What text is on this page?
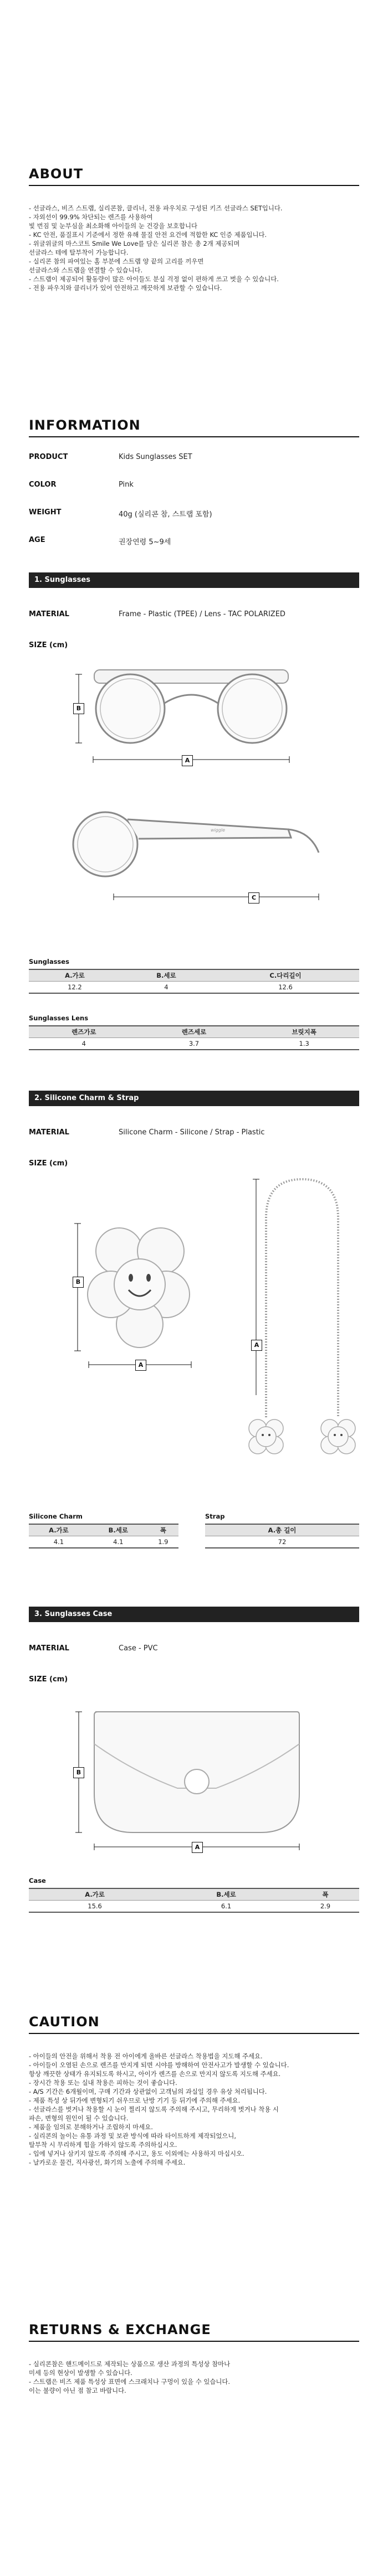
ABOUT
- 선글라스, 비즈 스트랩, 실리콘참, 클리너, 전용 파우치로 구성된 키즈 선글라스 SET입니다.
- 자외선이 99.9% 차단되는 렌즈를 사용하여
빛 번짐 및 눈부심을 최소화해 아이들의 눈 건강을 보호합니다
- KC 안전, 품질표시 기준에서 정한 유해 물질 안전 요건에 적합한 KC 인증 제품입니다.
- 위글위글의 마스코트 Smile We Love를 담은 실리콘 참은 총 2개 제공되며
선글라스 테에 탈부착이 가능합니다.
- 실리콘 참의 파여있는 홈 부분에 스트랩 양 끝의 고리를 끼우면
선글라스와 스트랩을 연결할 수 있습니다.
- 스트랩이 제공되어 활동량이 많은 아이들도 분실 걱정 없이 편하게 쓰고 벗을 수 있습니다.
- 전용 파우치와 클리너가 있어 안전하고 깨끗하게 보관할 수 있습니다.
INFORMATION
PRODUCT	Kids Sunglasses SET
COLOR	Pink
WEIGHT	40g (실리콘 참, 스트랩 포함)
AGE	권장연령 5~9세
1. Sunglasses
MATERIAL	Frame - Plastic (TPEE) / Lens - TAC POLARIZED
SIZE (cm)
wiggle
A
B
C
Sunglasses
A.가로	B.세로	C.다리길이
12.2	4	12.6
Sunglasses Lens
렌즈가로	렌즈세로	브릿지폭
4	3.7	1.3
2. Silicone Charm & Strap
MATERIAL	Silicone Charm - Silicone / Strap - Plastic
SIZE (cm)
B
A
A
Silicone Charm
A.가로	B.세로	폭
4.1	4.1	1.9
Strap
A.총 길이
72
3. Sunglasses Case
MATERIAL	Case - PVC
SIZE (cm)
B
A
Case
A.가로	B.세로	폭
15.6	6.1	2.9
CAUTION
- 아이들의 안전을 위해서 착용 전 아이에게 올바른 선글라스 착용법을 지도해 주세요.
- 아이들이 오염된 손으로 렌즈를 만지게 되면 시야를 방해하여 안전사고가 발생할 수 있습니다.
항상 깨끗한 상태가 유지되도록 하시고, 아이가 렌즈를 손으로 만지지 않도록 지도해 주세요.
- 장시간 착용 또는 실내 착용은 피하는 것이 좋습니다.
- A/S 기간은 6개월이며, 구매 기간과 상관없이 고객님의 과실일 경우 유상 처리됩니다.
- 제품 특성 상 뒤가에 변형되기 쉬우므로 난방 기기 등 뒤기에 주의해 주세요.
- 선글라스를 벗거나 착용할 시 눈이 찔리지 않도록 주의해 주시고, 무리하게 벗거나 착용 시
파손, 변형의 원인이 될 수 있습니다.
- 제품을 임의로 분해하거나 조립하지 마세요.
- 실리콘의 놀이는 유통 과정 및 보관 방식에 따라 타이트하게 제작되었으니,
탈부착 시 무리하게 힘을 가하지 않도록 주의하십시오.
- 입에 넣거나 삼키지 않도록 주의해 주시고, 용도 이외에는 사용하지 마십시오.
- 날카로운 물건, 직사광선, 화기의 노출에 주의해 주세요.
RETURNS & EXCHANGE
- 실리콘참은 핸드메이드로 제작되는 상품으로 생산 과정의 특성상 참마나
미세 등의 현상이 발생할 수 있습니다.
- 스트랩은 비즈 제품 특성상 표면에 스크래치나 구멍이 있을 수 있습니다.
이는 불량이 아닌 점 참고 바랍니다.
